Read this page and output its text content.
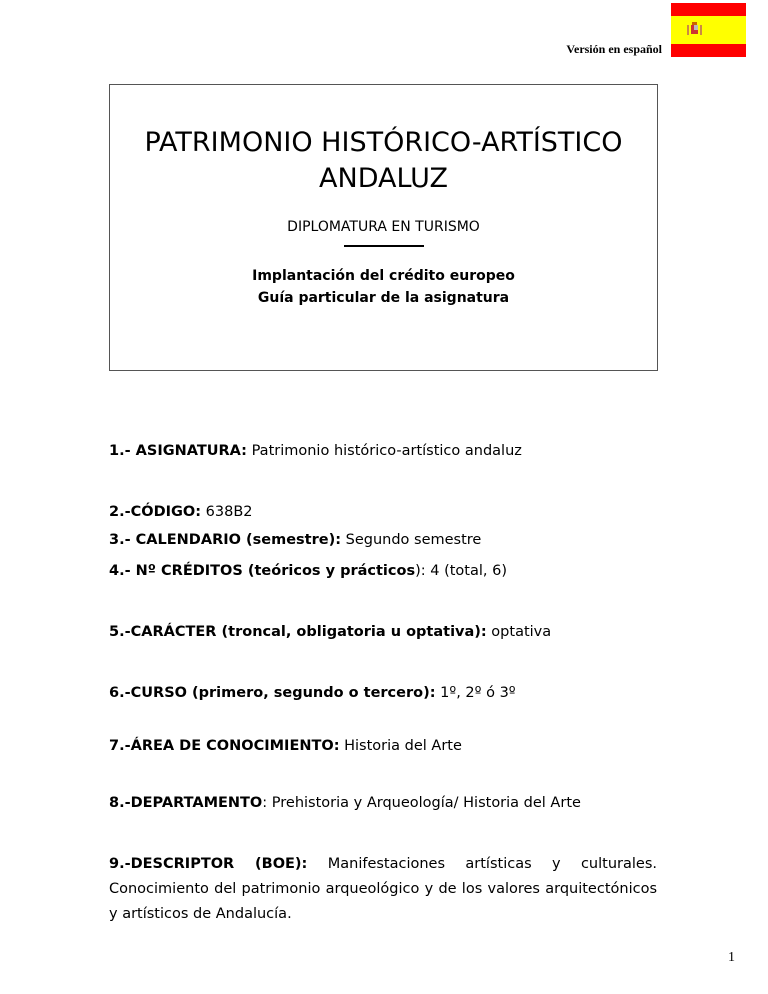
Versión en español
PATRIMONIO HISTÓRICO-ARTÍSTICO
ANDALUZ
DIPLOMATURA EN TURISMO
Implantación del crédito europeo
Guía particular de la asignatura
1.- ASIGNATURA: Patrimonio histórico-artístico andaluz
2.-CÓDIGO: 638B2
3.- CALENDARIO (semestre): Segundo semestre
4.- Nº CRÉDITOS (teóricos y prácticos): 4 (total, 6)
5.-CARÁCTER (troncal, obligatoria u optativa): optativa
6.-CURSO (primero, segundo o tercero): 1º, 2º ó 3º
7.-ÁREA DE CONOCIMIENTO: Historia del Arte
8.-DEPARTAMENTO: Prehistoria y Arqueología/ Historia del Arte
9.-DESCRIPTOR (BOE): Manifestaciones artísticas y culturales. Conocimiento del patrimonio arqueológico y de los valores arquitectónicos y artísticos de Andalucía.
1
